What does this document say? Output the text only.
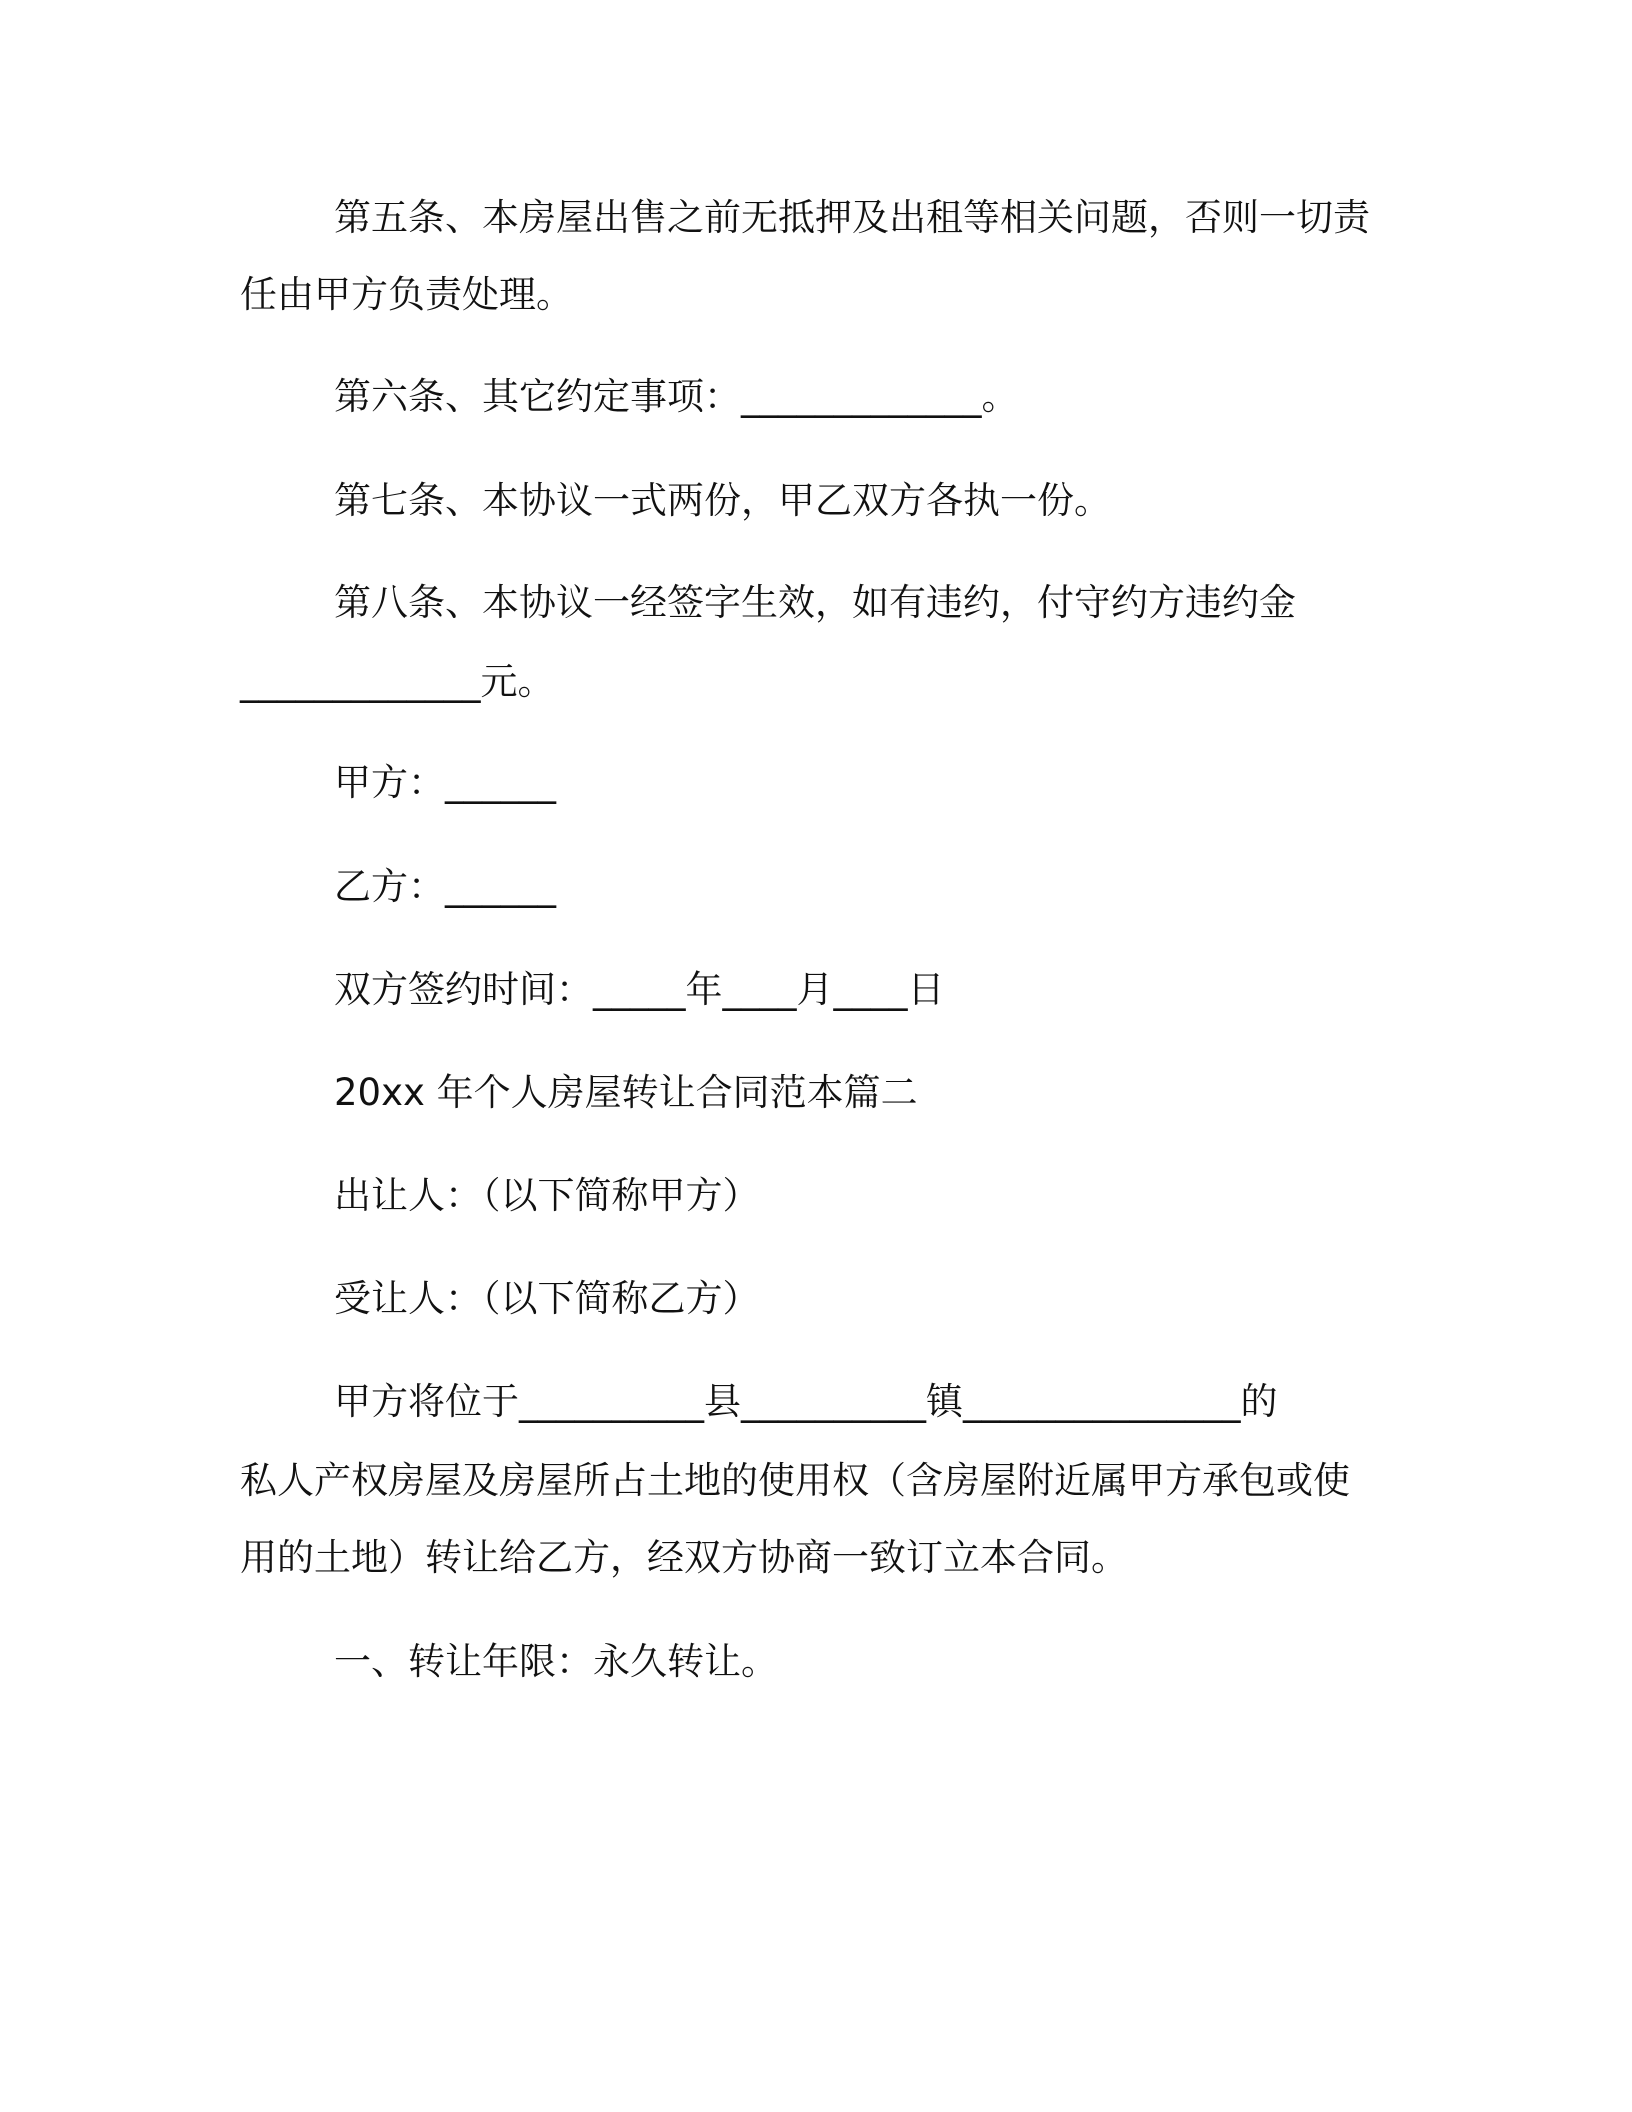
第五条、本房屋出售之前无抵押及出租等相关问题，否则一切责
任由甲方负责处理。
第六条、其它约定事项：_____________。
第七条、本协议一式两份，甲乙双方各执一份。
第八条、本协议一经签字生效，如有违约，付守约方违约金
_____________元。
甲方：______
乙方：______
双方签约时间：_____年____月____日
20xx 年个人房屋转让合同范本篇二
出让人：（以下简称甲方）
受让人：（以下简称乙方）
甲方将位于__________县__________镇_______________的
私人产权房屋及房屋所占土地的使用权（含房屋附近属甲方承包或使
用的土地）转让给乙方，经双方协商一致订立本合同。
一、转让年限：永久转让。
